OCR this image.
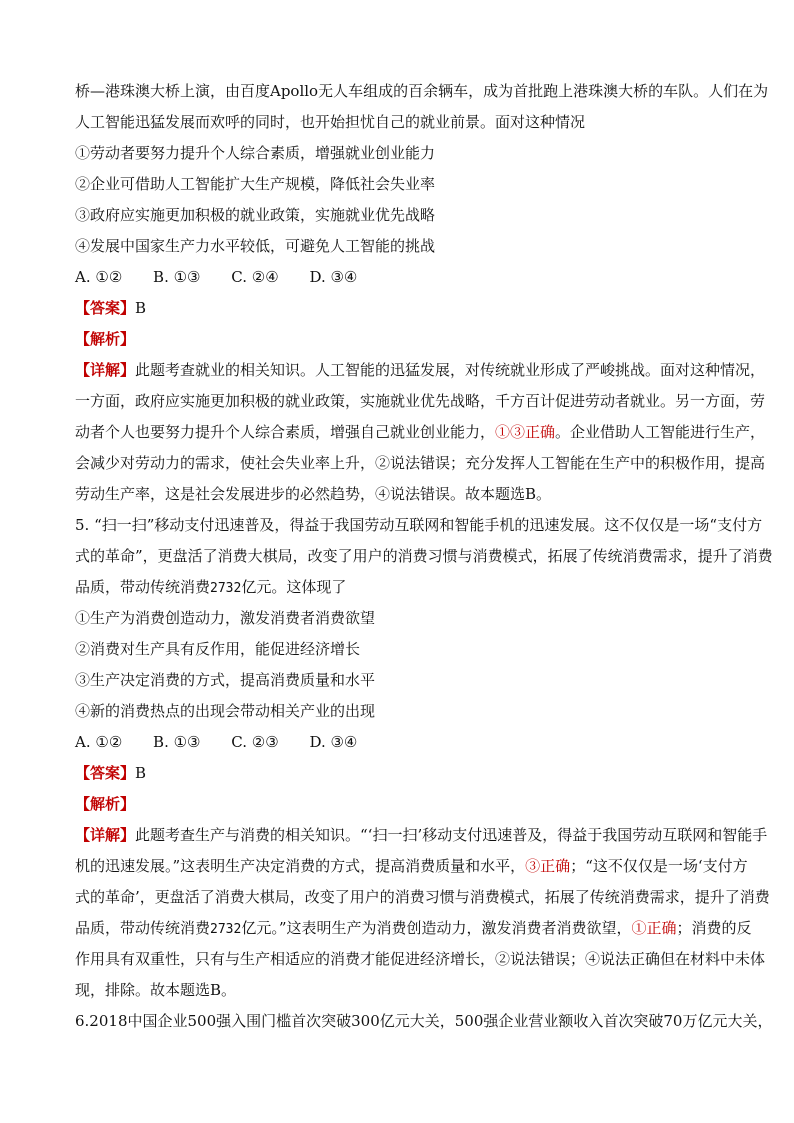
桥—港珠澳大桥上演，由百度Apollo无人车组成的百余辆车，成为首批跑上港珠澳大桥的车队。人们在为
人工智能迅猛发展而欢呼的同时，也开始担忧自己的就业前景。面对这种情况
①劳动者要努力提升个人综合素质，增强就业创业能力
②企业可借助人工智能扩大生产规模，降低社会失业率
③政府应实施更加积极的就业政策，实施就业优先战略
④发展中国家生产力水平较低，可避免人工智能的挑战
A. ①② B. ①③ C. ②④ D. ③④
【答案】B
【解析】
【详解】此题考查就业的相关知识。人工智能的迅猛发展，对传统就业形成了严峻挑战。面对这种情况，
一方面，政府应实施更加积极的就业政策，实施就业优先战略，千方百计促进劳动者就业。另一方面，劳
动者个人也要努力提升个人综合素质，增强自己就业创业能力，①③正确。企业借助人工智能进行生产，
会减少对劳动力的需求，使社会失业率上升，②说法错误；充分发挥人工智能在生产中的积极作用，提高
劳动生产率，这是社会发展进步的必然趋势，④说法错误。故本题选B。
5. “扫一扫”移动支付迅速普及，得益于我国劳动互联网和智能手机的迅速发展。这不仅仅是一场“支付方
式的革命”，更盘活了消费大棋局，改变了用户的消费习惯与消费模式，拓展了传统消费需求，提升了消费
品质，带动传统消费2732亿元。这体现了
①生产为消费创造动力，激发消费者消费欲望
②消费对生产具有反作用，能促进经济增长
③生产决定消费的方式，提高消费质量和水平
④新的消费热点的出现会带动相关产业的出现
A. ①② B. ①③ C. ②③ D. ③④
【答案】B
【解析】
【详解】此题考查生产与消费的相关知识。“‘扫一扫’移动支付迅速普及，得益于我国劳动互联网和智能手
机的迅速发展。”这表明生产决定消费的方式，提高消费质量和水平，③正确；“这不仅仅是一场‘支付方
式的革命’，更盘活了消费大棋局，改变了用户的消费习惯与消费模式，拓展了传统消费需求，提升了消费
品质，带动传统消费2732亿元。”这表明生产为消费创造动力，激发消费者消费欲望，①正确；消费的反
作用具有双重性，只有与生产相适应的消费才能促进经济增长，②说法错误；④说法正确但在材料中未体
现，排除。故本题选B。
6.2018中国企业500强入围门槛首次突破300亿元大关，500强企业营业额收入首次突破70万亿元大关，
